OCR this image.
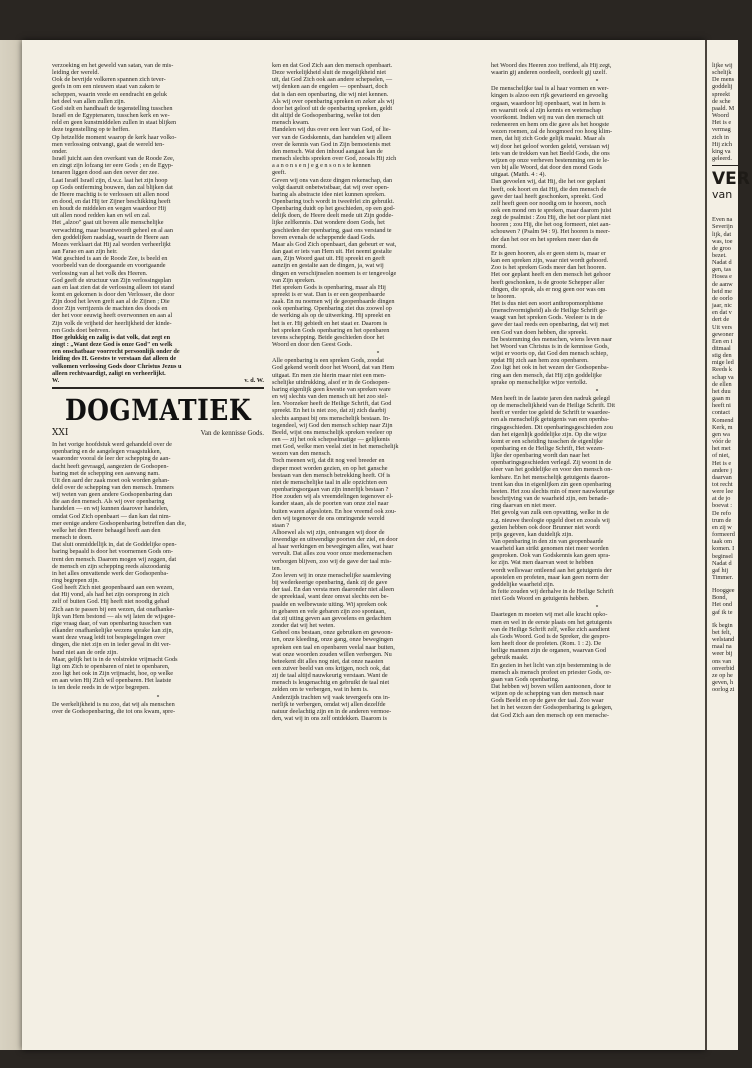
verzoeking en het geweld van satan, van de mis-
leiding der wereld.
Ook de bevrijde volkeren spannen zich tever-
geefs in om een nieuwen staat van zaken te
scheppen, waarin vrede en eendracht en geluk
het deel van allen zullen zijn.
God stelt en handhaaft de tegenstelling tusschen
Israël en de Egyptenaren, tusschen kerk en we-
reld en geen kunstmiddelen zullen in staat blijken
deze tegenstelling op te heffen.
Op hetzelfde moment waarop de kerk haar volko-
men verlossing ontvangt, gaat de wereld ten-
onder.
Israël juicht aan den overkant van de Roode Zee,
en zingt zijn lofzang ter eere Gods ; en de Egyp-
tenaren liggen dood aan den oever der zee.
Laat Israël Israël zijn, d.w.z. laat het zijn hoop
op Gods ontferming bouwen, dan zal blijken dat
de Heere machtig is te verlossen uit allen nood
en dood, en dat Hij ter Zijner beschikking heeft
en houdt de middelen en wegen waardoor Hij
uit allen nood redden kan en wil en zal.
Het „alzoo" gaat uit boven alle menschelijke
verwachting, maar beantwoordt geheel en al aan
den goddelijken raadslag, waarin de Heere aan
Mozes verklaart dat Hij zal worden verheerlijkt
aan Farao en aan zijn heir.
Wat geschied is aan de Roode Zee, is beeld en
voorbeeld van de doorgaande en voortgaande
verlossing van al het volk des Heeren.
God geeft de structuur van Zijn verlossingsplan
aan en laat zien dat de verlossing alleen tot stand
komt en gekomen is door den Verlosser, die door
Zijn dood het leven greft aan al de Zijnen ; Die
door Zijn verrijzenis de machten des doods en
der het voor eeuwig heeft overwonnen en aan al
Zijn volk de vrijheid der heerlijkheid der kinde-
ren Gods doet beërven.

Hoe gelukkig en zalig is dat volk, dat zegt en
zingt : „Want deze God is onze God" en welk
een onschatbaar voorrecht persoonlijk onder de
leiding des H. Geestes te verstaan dat alleen de
volkomen verlossing Gods door Christus Jezus u
alleen rechtvaardigt, zaligt en verheerlijkt.

W.	v. d. W.
DOGMATIEK
XXI	Van de kennisse Gods.

In het vorige hoofdstuk werd gehandeld over de
openbaring en de aangelegen vraagstukken,
waaronder vooral de leer der schepping de aan-
dacht heeft gevraagd, aangezien de Godsopen-
baring met de schepping een aanvang nam.
Uit den aard der zaak moet ook worden gehan-
deld over de schepping van den mensch. Immers
wij weten van geen andere Godsopenbaring dan
die aan den mensch. Als wij over openbaring
handelen — en wij kunnen daarover handelen,
omdat God Zich openbaart — dan kan dat nim-
mer eenige andere Godsopenbaring betreffen dan die,
welke het den Heere behaagd heeft aan den
mensch te doen.
Dat sluit onmiddellijk in, dat de Goddelijke open-
baring bepaald is door het voornemen Gods om-
trent den mensch. Daarom mogen wij zeggen, dat
de mensch en zijn schepping reeds alszoodanig
in het alles omvattende werk der Godsopenba-
ring begrepen zijn.
God heeft Zich niet geopenbaard aan een wezen,
dat Hij vond, als had het zijn oorsprong in zich
zelf of buiten God. Hij heeft niet noodig gehad
Zich aan te passen bij een wezen, dat onafhanke-
lijk van Hem bestond — als wij laten de wijsgee-
rige vraag daar, of van openbaring tusschen van
elkander onafhankelijke wezens sprake kan zijn,
want deze vraag leidt tot bespiegelingen over
dingen, die niet zijn en in ieder geval in dit ver-
band niet aan de orde zijn.
Maar, gelijk het is in de volstrekte vrijmacht Gods
ligt om Zich te openbaren of niet te openbaren,
zoo ligt het ook in Zijn vrijmacht, hoe, op welke
en aan wien Hij Zich wil openbaren. Het laatste
is ten deele reeds in de wijze begrepen.

⁎

De werkelijkheid is nu zoo, dat wij als menschen
over de Godsopenbaring, die tot ons kwam, spre-

ken en dat God Zich aan den mensch openbaart.
Deze werkelijkheid sluit de mogelijkheid niet
uit, dat God Zich ook aan andere schepselen, —
wij denken aan de engelen — openbaart, doch
dat is dan een openbaring, die wij niet kennen.
Als wij over openbaring spreken en zeker als wij
door het geloof uit de openbaring spreken, geldt
dit altijd de Godsopenbaring, welke tot den
mensch kwam.
Handelen wij dus over een leer van God, of lie-
ver van de Godskennis, dan handelen wij alleen
over de kennis van God in Zijn bemoeienis met
den mensch. Wat den inhoud aangaat kan de
mensch slechts spreken over God, zooals Hij zich
a a n o n s e n j e g e n s o n s te kennen
geeft.
Geven wij ons van deze dingen rekenschap, dan
volgt daaruit onbetwistbaar, dat wij over open-
baring als abstracte idee niet kunnen spreken.
Openbaring toch wordt in tweeërlei zin gebruikt.
Openbaring duidt op het geschieden, op een god-
delijk doen, de Heere deelt mede uit Zijn godde-
lijke zelfkennis. Dat wondere doen Gods, het
geschieden der openbaring, gaat ons verstand te
boven evenals de scheppende daad Gods.
Maar als God Zich openbaart, dan gebeurt er wat,
dan gaat er iets van Hem uit. Het neemt gestalte
aan, Zijn Woord gaat uit. Hij spreekt en geeft
aanzijn en gestalte aan de dingen, ja, wat wij
dingen en verschijnselen noemen is er tengevolge
van Zijn spreken.
Het spreken Gods is openbaring, maar als Hij
spreekt is er wat. Dan is er een geopenbaarde
zaak. En nu noemen wij de geopenbaarde dingen
ook openbaring. Openbaring ziet dus zoowel op
de werking als op de uitwerking. Hij spreekt en
het is er. Hij gebiedt en het staat er. Daarom is
het spreken Gods openbaring en het openbaren
tevens schepping. Beide geschieden door het
Woord en door den Geest Gods.

⁎

Alle openbaring is een spreken Gods, zoodat
God gekend wordt door het Woord, dat van Hem
uitgaat. En men zie hierin maar niet een men-
schelijke uitdrukking, alsof er in de Godsopen-
baring eigenlijk geen kwestie van spreken ware
en wij slechts van den mensch uit het zoo stel-
len. Voorzeker heeft de Heilige Schrift, dat God
spreekt. En het is niet zoo, dat zij zich daarbij
slechts aanpast bij ons menschelijk bestaan. In-
tegendeel, wij God den mensch schiep naar Zijn
Beeld, wijst ons menschelijk spreken veeleer op
een — zij het ook schepselmatige — gelijkenis
met God, welke men veelal ziet in het menschelijk
wezen van den mensch.
Toch meenen wij, dat dit nog veel breeder en
dieper moet worden gezien, en op het gansche
bestaan van den mensch betrekking heeft. Of is
niet de menschelijke taal in alle opzichten een
openbaringsorgaan van zijn innerlijk bestaan ?
Hoe zouden wij als vreemdelingen tegenover el-
kander staan, als de poorten van onze ziel naar
buiten waren afgesloten. En hoe vreemd ook zou-
den wij tegenover de ons omringende wereld
staan ?
Alhoewel als wij zijn, ontvangen wij door de
inwendige en uitwendige poorten der ziel, en door
al haar werkingen en bewegingen alles, wat haar
vervult. Dat alles zou voor onze medemenschen
verborgen blijven, zoo wij de gave der taal mis-
ten.
Zoo leven wij in onze menschelijke saamleving
bij wederkeerige openbaring, dank zij de gave
der taal. En dan versta men daaronder niet alleen
de spreektaal, want deze omvat slechts een be-
paalde en welbewuste uiting. Wij spreken ook
in gebaren en vele gebaren zijn zoo spontaan,
dat zij uiting geven aan gevoelens en gedachten
zonder dat wij het weten.
Geheel ons bestaan, onze gebruiken en gewoon-
ten, onze kleeding, onze gang, onze bewegingen
spreken een taal en openbaren veelal naar buiten,
wat onze woorden zouden willen verbergen. Nu
beteekent dit alles nog niet, dat onze naasten
een zuiver beeld van ons krijgen, noch ook, dat
zij de taal altijd nauwkeurig verstaan. Want de
mensch is leugenachtig en gebruikt de taal niet
zelden om te verbergen, wat in hem is.
Anderzijds trachten wij vaak tevergeefs ons in-
nerlijk te verbergen, omdat wij allen dezelfde
natuur deelachtig zijn en in de anderen vermoe-
den, wat wij in ons zelf ontdekken. Daarom is

het Woord des Heeren zoo treffend, als Hij zegt,
waarin gij anderen oordeelt, oordeelt gij uzelf.

⁎

De menschelijke taal is al haar vormen en wer-
kingen is alzoo een rijk gevarieerd en gevoelig
orgaan, waardoor hij openbaart, wat in hem is
en waaruit ook al zijn kennis en wetenschap
voortkomt. Indien wij nu van den mensch uit
redeneeren en hem om die gave als het hoogste
wezen roemen, zal de hoogmoed roo hoog klim-
men, dat hij zich Gode gelijk maakt. Maar als
wij door het geloof worden geleid, verstaan wij
iets van de trekken van het Beeld Gods, die ons
wijzen op onze verheven bestemming om te le-
ven bij alle Woord, dat door den mond Gods
uitgaat. (Matth. 4 : 4).
Dan gevoelen wij, dat Hij, die het oor geplant
heeft, ook hoort en dat Hij, die den mensch de
gave der taal heeft geschonken, spreekt. God
zelf heeft geen oor noodig om te hooren, noch
ook een mond om te spreken, maar daarom juist
zegt de psalmist : Zou Hij, die het oor plant niet
hooren ; zou Hij, die het oog formeert, niet aan-
schouwen ? (Psalm 94 : 9). Het hooren is meer-
der dan het oor en het spreken meer dan de
mond.
Er is geen hooren, als er geen stem is, maar er
kan een spreken zijn, waar niet wordt gehoord.
Zoo is het spreken Gods meer dan het hooren.
Het oor geplant heeft en den mensch het gehoor
heeft geschonken, is de groote Schepper aller
dingen, die sprak, als er nog geen oor was om
te hooren.
Het is dus niet een soort anthropomorphisme
(menschvormigheid) als de Heilige Schrift ge-
waagt van het spreken Gods. Veeleer is in de
gave der taal reeds een openbaring, dat wij met
een God van doen hebben, die spreekt.
De bestemming des menschen, wiens leven naar
het Woord van Christus is in de kennisse Gods,
wijst er voorts op, dat God den mensch schiep,
opdat Hij zich aan hem zou openbaren.
Zoo ligt het ook in het wezen der Godsopenba-
ring aan den mensch, dat Hij zijn goddelijke
sprake op menschelijke wijze vertolkt.

⁎

Men heeft in de laatste jaren den nadruk gelegd
op de menschelijkheid van de Heilige Schrift. Dit
heeft er verder toe geleid de Schrift te waardee-
ren als menschelijk getuigenis van een openba-
ringsgeschieden. Dit openbaringsgeschieden zou
dan het eigenlijk goddelijke zijn. Op die wijze
komt er een scheiding tusschen de eigenlijke
openbaring en de Heilige Schrift, Het wezen-
lijke der openbaring wordt dan naar het
openbaringsgeschieden verlegd. Zij woont in de
sfeer van het goddelijke en voor den mensch on-
kenbare. En het menschelijk getuigenis daaron-
trent kan dus in eigenlijken zin geen openbaring
heeten. Het zou slechts min of meer nauwkeurige
beschrijving van de waarheid zijn, een benade-
ring daarvan en niet meer.
Het gevolg van zulk een opvatting, welke in de
z.g. nieuwe theologie opgeld doet en zooals wij
gezien hebben ook door Brunner niet wordt
prijs gegeven, kan duidelijk zijn.
Van openbaring in den zin van geopenbaarde
waarheid kan strikt genomen niet meer worden
gesproken. Ook van Godskennis kan geen spra-
ke zijn. Wat men daarvan weet te hebben
wordt wellswaar ontleend aan het getuigenis der
apostelen en profeten, maar kan geen norm der
goddelijke waarheid zijn.
In feite zouden wij derhalve in de Heilige Schrift
niet Gods Woord en getuigenis hebben.

⁎

Daartegen m moeten wij met alle kracht opko-
men en wel in de eerste plaats om het getuigenis
van de Heilige Schrift zelf, welke zich aandient
als Gods Woord. God is de Spreker, die gespro-
ken heeft door de profeten. (Rom. 1 : 2). De
heilige mannen zijn de organen, waarvan God
gebruik maakt.
En gezien in het licht van zijn bestemming is de
mensch als mensch profeet en priester Gods, or-
gaan van Gods openbaring.
Dat hebben wij boven willen aantoonen, door te
wijzen op de schepping van den mensch naar
Gods Beeld en op de gave der taal. Zoo waar
het in het wezen der Godsopenbaring is gelegen,
dat God Zich aan den mensch op een mensche-

lijke wij
schelijk
De mens
goddelij
spreekt
de sche
paald. M
Woord
Het is e
vermag
zich in
Hij zich
king va
geleerd.

VER
van

Even na
Severijn
lijk, dat
was, toe
de groo
bezet.
Nadat d
gen, tas
Hosea e
de aanw
heid me
de oorlo
jaar, nic
en dat v
dert de
Uit vers
gewoner
Een en i
ditmaal
stig den
mige led
Reeds k
schap va
de ellen
het duu
gaan m
heeft ni
contact
Komend
Kerk, m
gen wa
vóór de
het met
of niet,
Het is e
andere j
daarvan
tot recht
were lee
at de jo
boevat :
De refo
trum de
en zij w
formeerd
taak om
komen. I
beginsel
Nadat d
gaf hij
Timmer.

Hooggee
Bond,
Het ond
gaf ik te

Ik begin
bet felt,
welstand
maal na
weer bij
ons van
onverbid
ze op he
geven, h
oorlog zi
